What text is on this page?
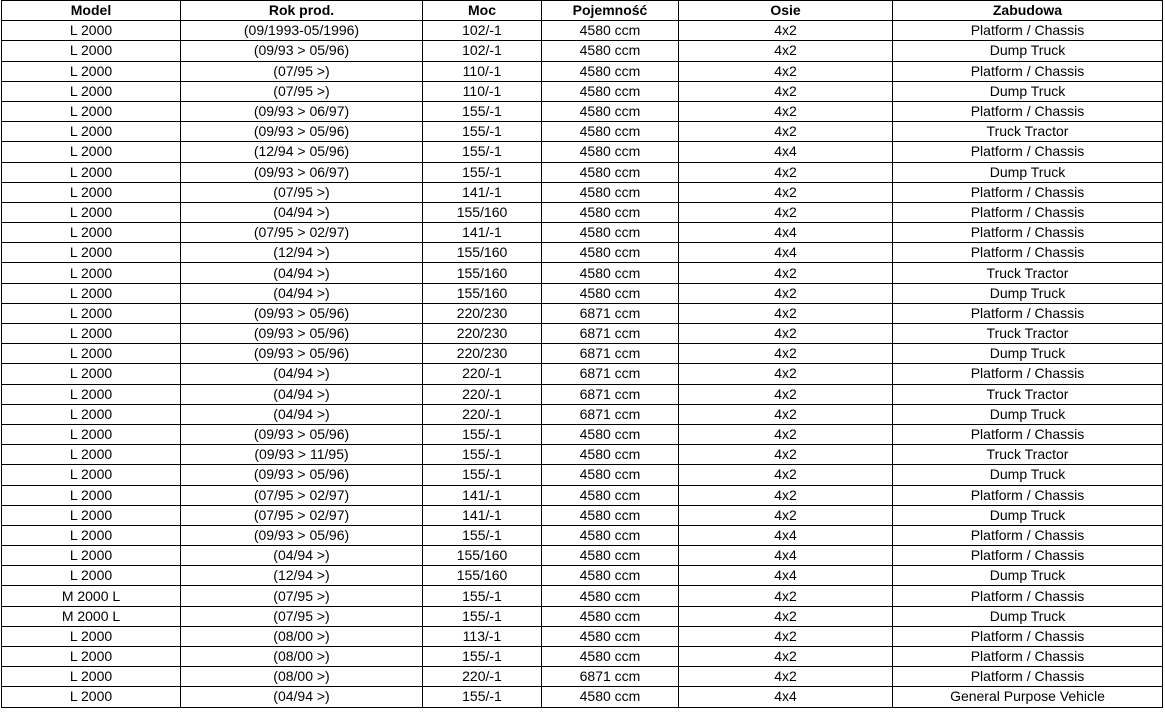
Model	Rok prod.	Moc	Pojemność	Osie	Zabudowa
L 2000	(09/1993-05/1996)	102/-1	4580 ccm	4x2	Platform / Chassis
L 2000	(09/93 > 05/96)	102/-1	4580 ccm	4x2	Dump Truck
L 2000	(07/95 >)	110/-1	4580 ccm	4x2	Platform / Chassis
L 2000	(07/95 >)	110/-1	4580 ccm	4x2	Dump Truck
L 2000	(09/93 > 06/97)	155/-1	4580 ccm	4x2	Platform / Chassis
L 2000	(09/93 > 05/96)	155/-1	4580 ccm	4x2	Truck Tractor
L 2000	(12/94 > 05/96)	155/-1	4580 ccm	4x4	Platform / Chassis
L 2000	(09/93 > 06/97)	155/-1	4580 ccm	4x2	Dump Truck
L 2000	(07/95 >)	141/-1	4580 ccm	4x2	Platform / Chassis
L 2000	(04/94 >)	155/160	4580 ccm	4x2	Platform / Chassis
L 2000	(07/95 > 02/97)	141/-1	4580 ccm	4x4	Platform / Chassis
L 2000	(12/94 >)	155/160	4580 ccm	4x4	Platform / Chassis
L 2000	(04/94 >)	155/160	4580 ccm	4x2	Truck Tractor
L 2000	(04/94 >)	155/160	4580 ccm	4x2	Dump Truck
L 2000	(09/93 > 05/96)	220/230	6871 ccm	4x2	Platform / Chassis
L 2000	(09/93 > 05/96)	220/230	6871 ccm	4x2	Truck Tractor
L 2000	(09/93 > 05/96)	220/230	6871 ccm	4x2	Dump Truck
L 2000	(04/94 >)	220/-1	6871 ccm	4x2	Platform / Chassis
L 2000	(04/94 >)	220/-1	6871 ccm	4x2	Truck Tractor
L 2000	(04/94 >)	220/-1	6871 ccm	4x2	Dump Truck
L 2000	(09/93 > 05/96)	155/-1	4580 ccm	4x2	Platform / Chassis
L 2000	(09/93 > 11/95)	155/-1	4580 ccm	4x2	Truck Tractor
L 2000	(09/93 > 05/96)	155/-1	4580 ccm	4x2	Dump Truck
L 2000	(07/95 > 02/97)	141/-1	4580 ccm	4x2	Platform / Chassis
L 2000	(07/95 > 02/97)	141/-1	4580 ccm	4x2	Dump Truck
L 2000	(09/93 > 05/96)	155/-1	4580 ccm	4x4	Platform / Chassis
L 2000	(04/94 >)	155/160	4580 ccm	4x4	Platform / Chassis
L 2000	(12/94 >)	155/160	4580 ccm	4x4	Dump Truck
M 2000 L	(07/95 >)	155/-1	4580 ccm	4x2	Platform / Chassis
M 2000 L	(07/95 >)	155/-1	4580 ccm	4x2	Dump Truck
L 2000	(08/00 >)	113/-1	4580 ccm	4x2	Platform / Chassis
L 2000	(08/00 >)	155/-1	4580 ccm	4x2	Platform / Chassis
L 2000	(08/00 >)	220/-1	6871 ccm	4x2	Platform / Chassis
L 2000	(04/94 >)	155/-1	4580 ccm	4x4	General Purpose Vehicle
